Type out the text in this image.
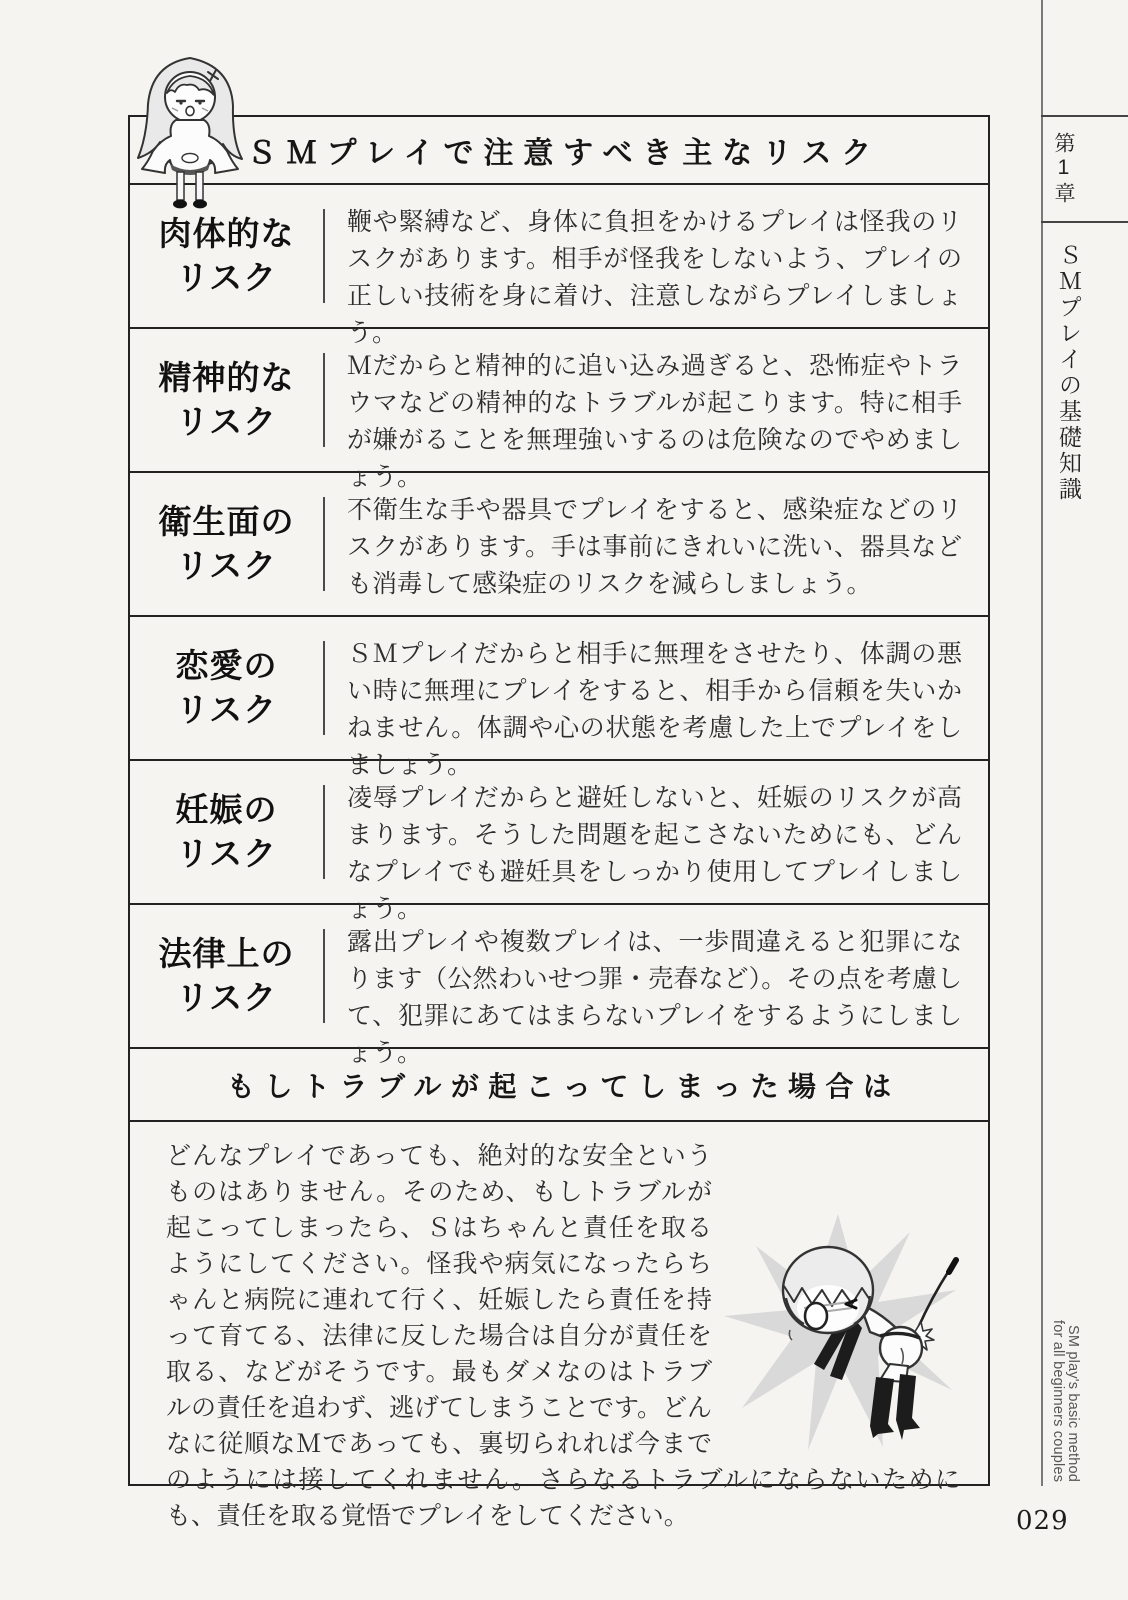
ＳＭプレイで注意すべき主なリスク
肉体的な
リスク
鞭や緊縛など、身体に負担をかけるプレイは怪我のリスクがあります。相手が怪我をしないよう、プレイの正しい技術を身に着け、注意しながらプレイしましょう。
精神的な
リスク
Ｍだからと精神的に追い込み過ぎると、恐怖症やトラウマなどの精神的なトラブルが起こります。特に相手が嫌がることを無理強いするのは危険なのでやめましょう。
衛生面の
リスク
不衛生な手や器具でプレイをすると、感染症などのリスクがあります。手は事前にきれいに洗い、器具なども消毒して感染症のリスクを減らしましょう。
恋愛の
リスク
ＳＭプレイだからと相手に無理をさせたり、体調の悪い時に無理にプレイをすると、相手から信頼を失いかねません。体調や心の状態を考慮した上でプレイをしましょう。
妊娠の
リスク
凌辱プレイだからと避妊しないと、妊娠のリスクが高まります。そうした問題を起こさないためにも、どんなプレイでも避妊具をしっかり使用してプレイしましょう。
法律上の
リスク
露出プレイや複数プレイは、一歩間違えると犯罪になります（公然わいせつ罪・売春など）。その点を考慮して、犯罪にあてはまらないプレイをするようにしましょう。
もしトラブルが起こってしまった場合は
どんなプレイであっても、絶対的な安全というものはありません。そのため、もしトラブルが起こってしまったら、Ｓはちゃんと責任を取るようにしてください。怪我や病気になったらちゃんと病院に連れて行く、妊娠したら責任を持って育てる、法律に反した場合は自分が責任を取る、などがそうです。最もダメなのはトラブルの責任を追わず、逃げてしまうことです。どんなに従順なＭであっても、裏切られれば今までのようには接してくれません。さらなるトラブルにならないためにも、責任を取る覚悟でプレイをしてください。
第1章
ＳＭプレイの基礎知識
SM play's basic method
for all beginners couples
029
